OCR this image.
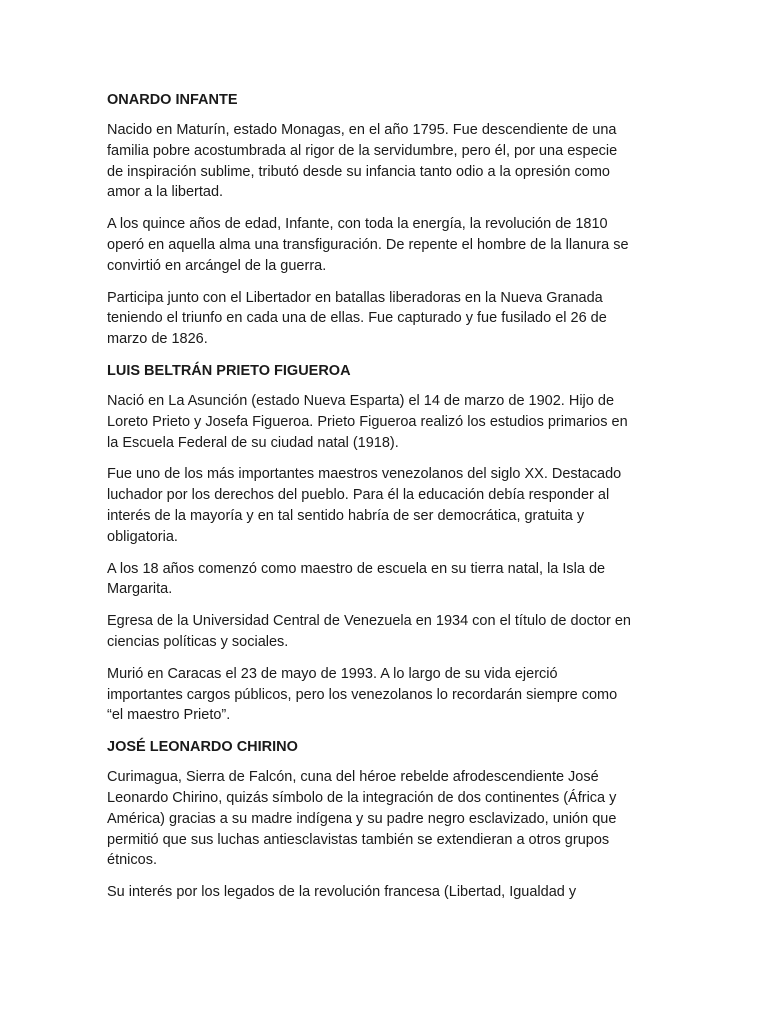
ONARDO INFANTE

Nacido en Maturín, estado Monagas, en el año 1795. Fue descendiente de una familia pobre acostumbrada al rigor de la servidumbre, pero él, por una especie de inspiración sublime, tributó desde su infancia tanto odio a la opresión como amor a la libertad.

A los quince años de edad, Infante, con toda la energía, la revolución de 1810 operó en aquella alma una transfiguración. De repente el hombre de la llanura se convirtió en arcángel de la guerra.

Participa junto con el Libertador en batallas liberadoras en la Nueva Granada teniendo el triunfo en cada una de ellas. Fue capturado y fue fusilado el 26 de marzo de 1826.

LUIS BELTRÁN PRIETO FIGUEROA

Nació en La Asunción (estado Nueva Esparta) el 14 de marzo de 1902. Hijo de Loreto Prieto y Josefa Figueroa. Prieto Figueroa realizó los estudios primarios en la Escuela Federal de su ciudad natal (1918).

Fue uno de los más importantes maestros venezolanos del siglo XX. Destacado luchador por los derechos del pueblo. Para él la educación debía responder al interés de la mayoría y en tal sentido habría de ser democrática, gratuita y obligatoria.

A los 18 años comenzó como maestro de escuela en su tierra natal, la Isla de Margarita.

Egresa de la Universidad Central de Venezuela en 1934 con el título de doctor en ciencias políticas y sociales.

Murió en Caracas el 23 de mayo de 1993. A lo largo de su vida ejerció importantes cargos públicos, pero los venezolanos lo recordarán siempre como “el maestro Prieto”.

JOSÉ LEONARDO CHIRINO

Curimagua, Sierra de Falcón, cuna del héroe rebelde afrodescendiente José Leonardo Chirino, quizás símbolo de la integración de dos continentes (África y América) gracias a su madre indígena y su padre negro esclavizado, unión que permitió que sus luchas antiesclavistas también se extendieran a otros grupos étnicos.

Su interés por los legados de la revolución francesa (Libertad, Igualdad y
